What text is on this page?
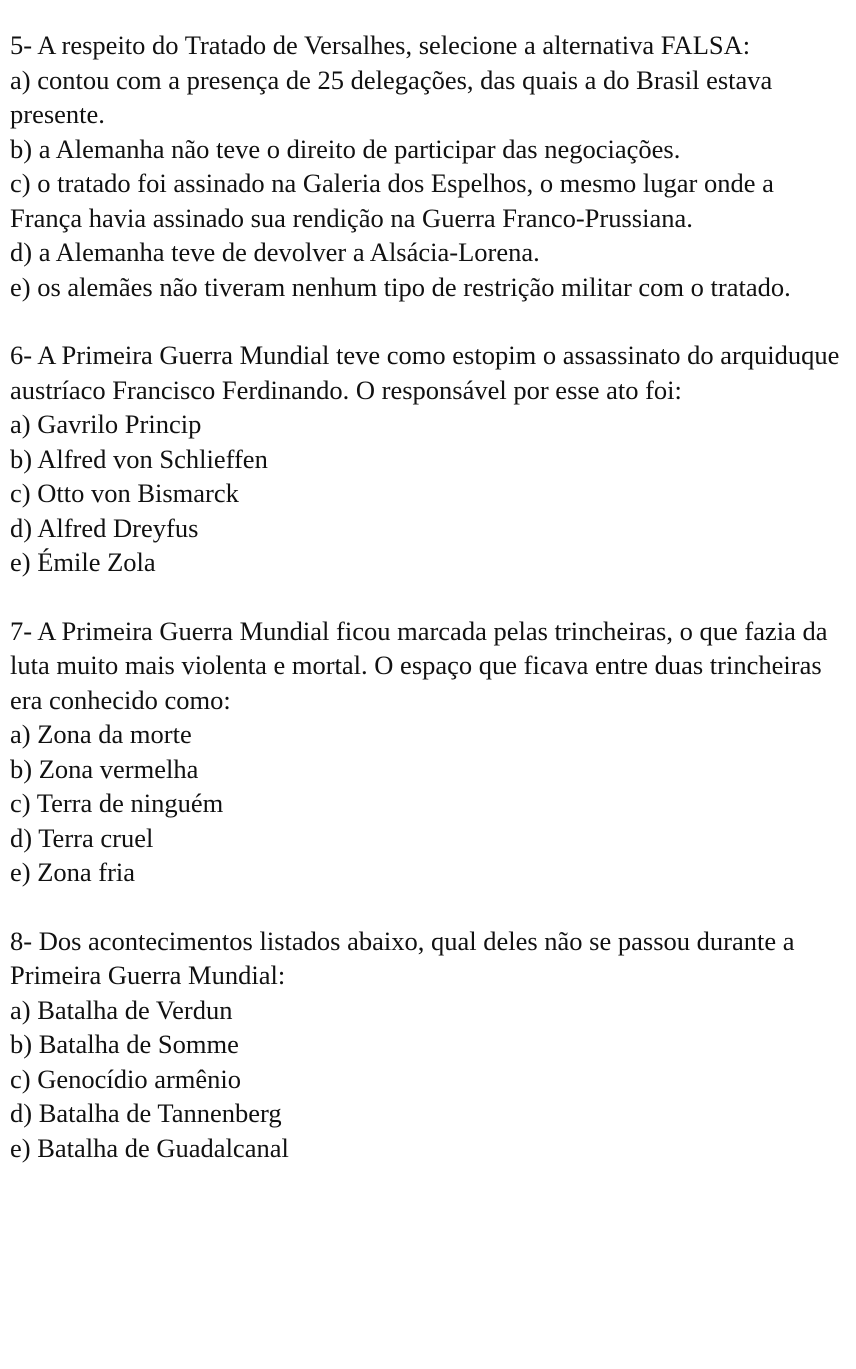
5- A respeito do Tratado de Versalhes, selecione a alternativa FALSA:

a) contou com a presença de 25 delegações, das quais a do Brasil estava presente.
b) a Alemanha não teve o direito de participar das negociações.
c) o tratado foi assinado na Galeria dos Espelhos, o mesmo lugar onde a França havia assinado sua rendição na Guerra Franco-Prussiana.
d) a Alemanha teve de devolver a Alsácia-Lorena.
e) os alemães não tiveram nenhum tipo de restrição militar com o tratado.

6- A Primeira Guerra Mundial teve como estopim o assassinato do arquiduque austríaco Francisco Ferdinando. O responsável por esse ato foi:

a) Gavrilo Princip
b) Alfred von Schlieffen
c) Otto von Bismarck
d) Alfred Dreyfus
e) Émile Zola

7- A Primeira Guerra Mundial ficou marcada pelas trincheiras, o que fazia da luta muito mais violenta e mortal. O espaço que ficava entre duas trincheiras era conhecido como:

a) Zona da morte
b) Zona vermelha
c) Terra de ninguém
d) Terra cruel
e) Zona fria

8- Dos acontecimentos listados abaixo, qual deles não se passou durante a Primeira Guerra Mundial:

a) Batalha de Verdun
b) Batalha de Somme
c) Genocídio armênio
d) Batalha de Tannenberg
e) Batalha de Guadalcanal
